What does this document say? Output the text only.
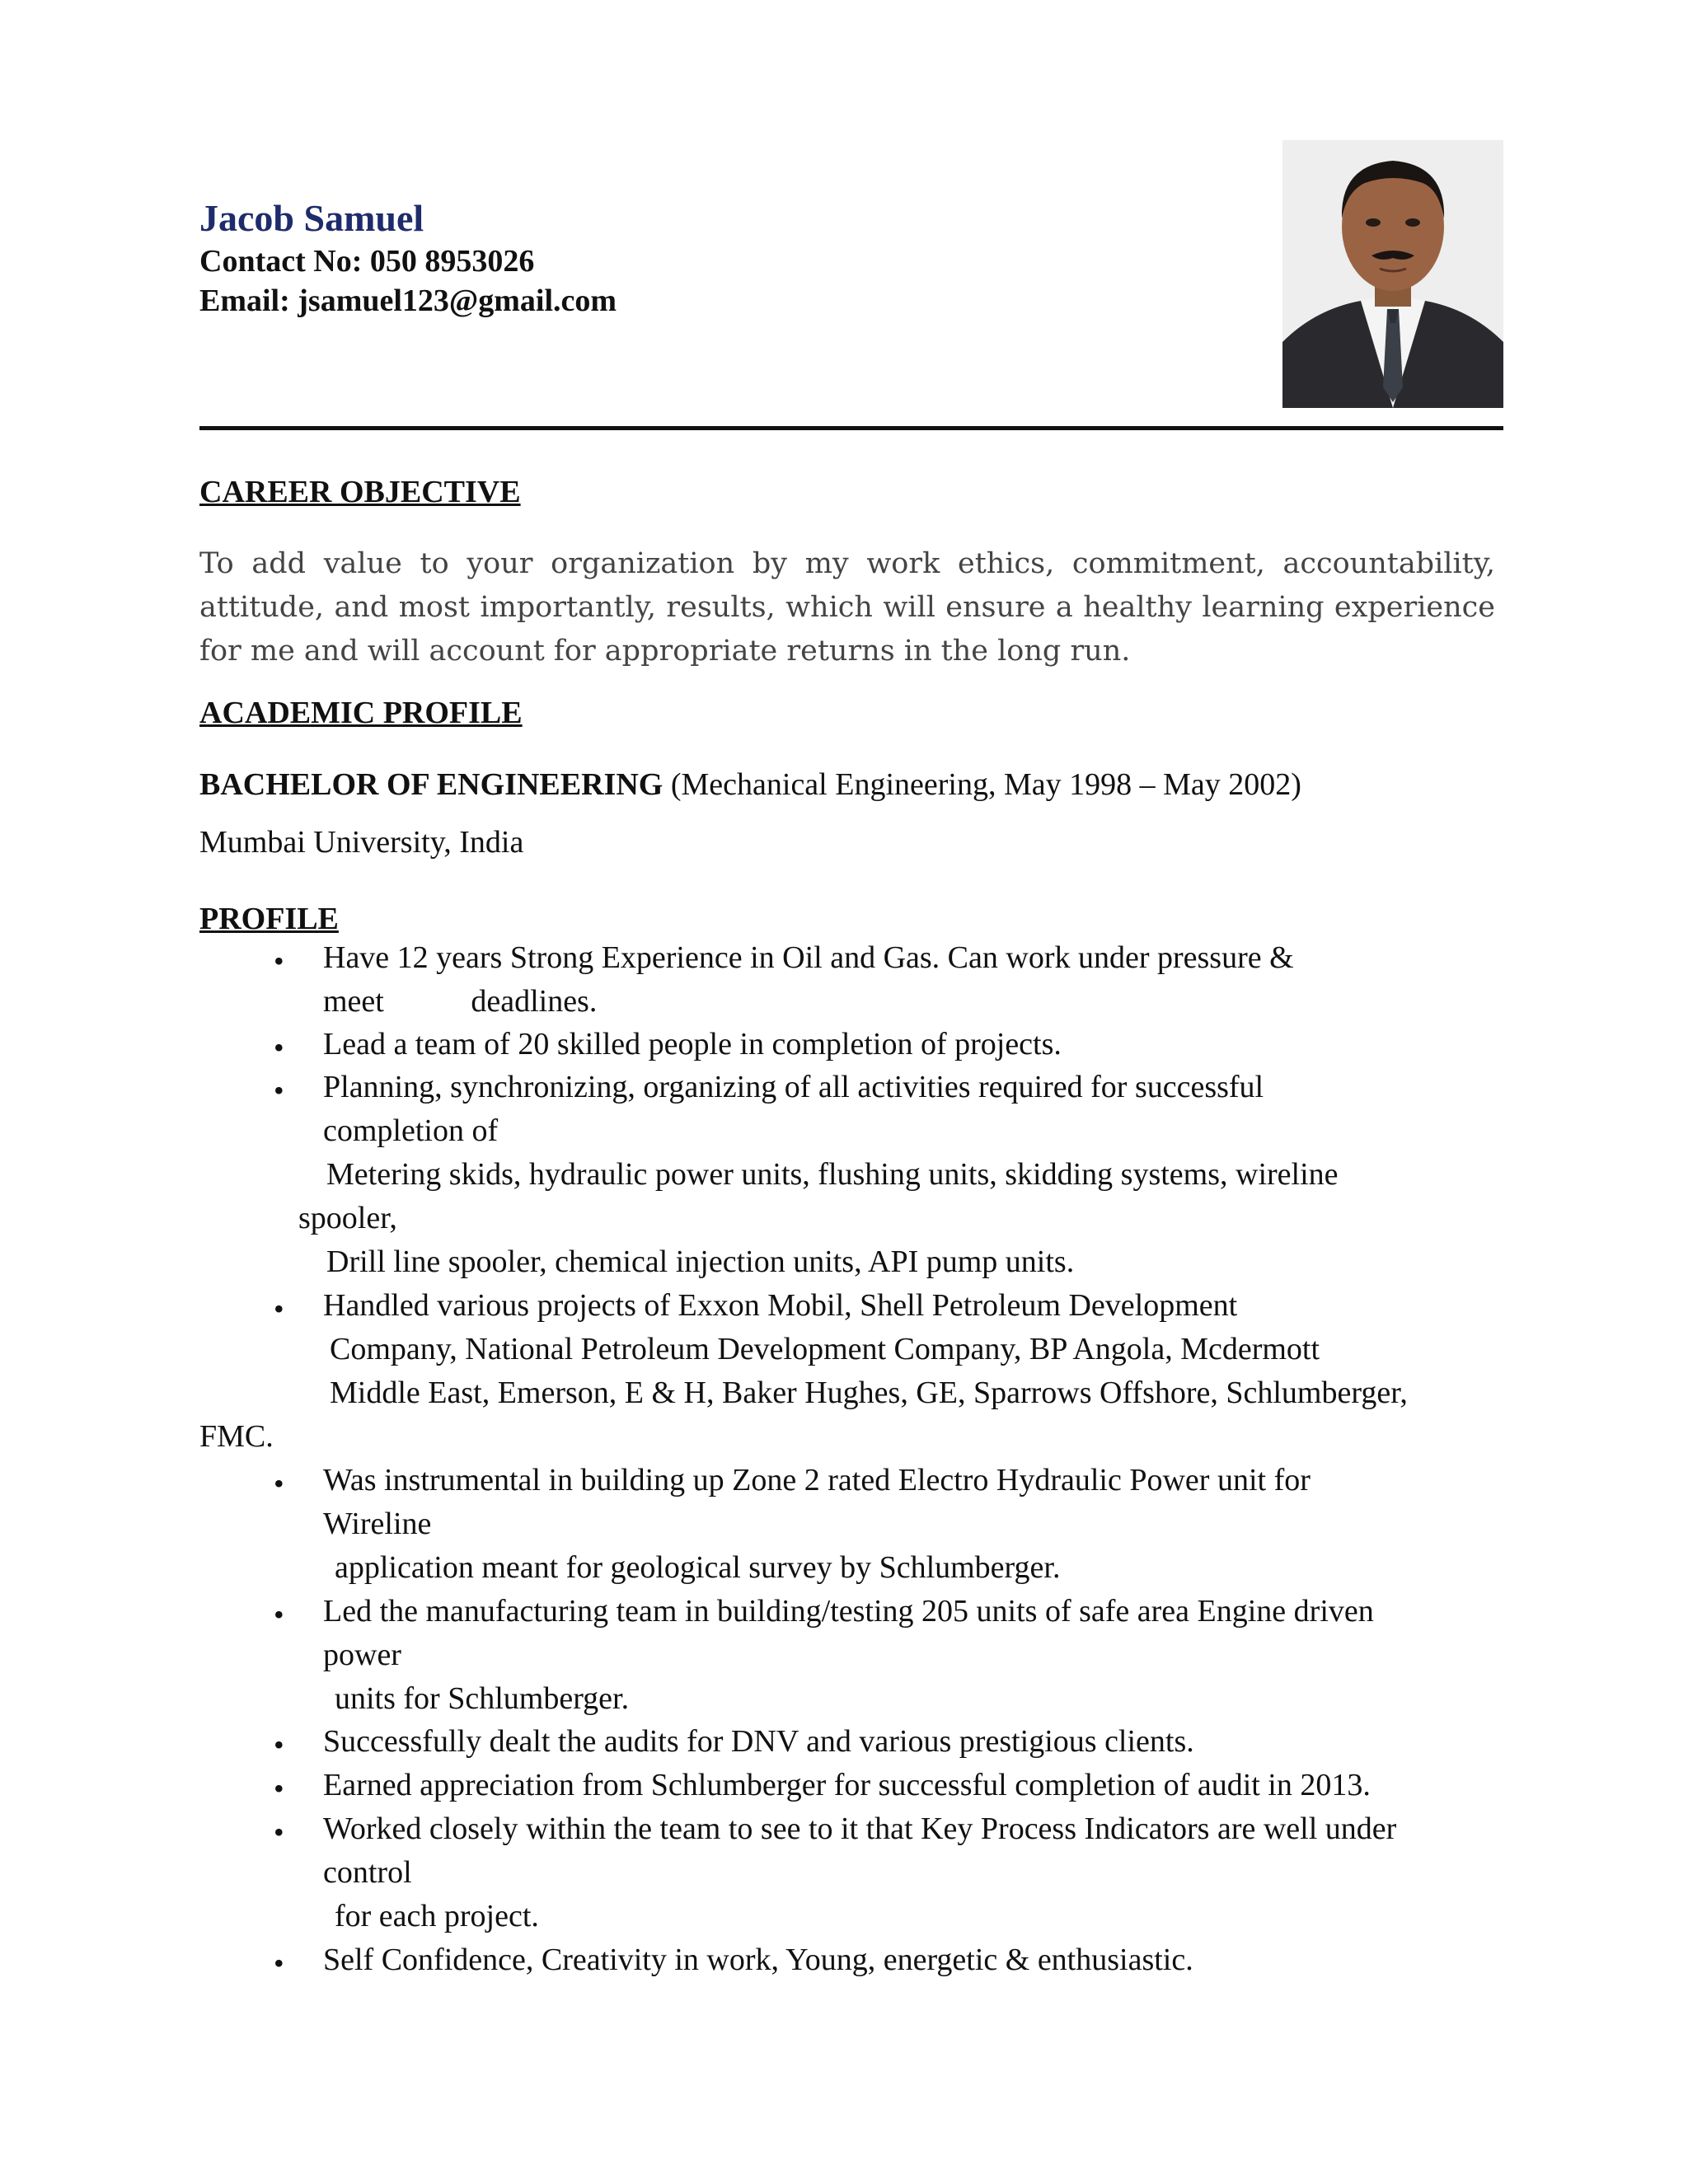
Jacob Samuel
Contact No: 050 8953026
Email: jsamuel123@gmail.com
CAREER OBJECTIVE
To add value to your organization by my work ethics, commitment, accountability, attitude, and most importantly, results, which will ensure a healthy learning experience for me and will account for appropriate returns in the long run.
ACADEMIC PROFILE
BACHELOR OF ENGINEERING (Mechanical Engineering, May 1998 – May 2002)
Mumbai University, India
PROFILE
•
•
•
•
•
•
•
•
•
•
Have 12 years Strong Experience in Oil and Gas. Can work under pressure &
meet deadlines.
Lead a team of 20 skilled people in completion of projects.
Planning, synchronizing, organizing of all activities required for successful
completion of
Metering skids, hydraulic power units, flushing units, skidding systems, wireline
spooler,
Drill line spooler, chemical injection units, API pump units.
Handled various projects of Exxon Mobil, Shell Petroleum Development
Company, National Petroleum Development Company, BP Angola, Mcdermott
Middle East, Emerson, E & H, Baker Hughes, GE, Sparrows Offshore, Schlumberger,
FMC.
Was instrumental in building up Zone 2 rated Electro Hydraulic Power unit for
Wireline
application meant for geological survey by Schlumberger.
Led the manufacturing team in building/testing 205 units of safe area Engine driven
power
units for Schlumberger.
Successfully dealt the audits for DNV and various prestigious clients.
Earned appreciation from Schlumberger for successful completion of audit in 2013.
Worked closely within the team to see to it that Key Process Indicators are well under
control
for each project.
Self Confidence, Creativity in work, Young, energetic & enthusiastic.
